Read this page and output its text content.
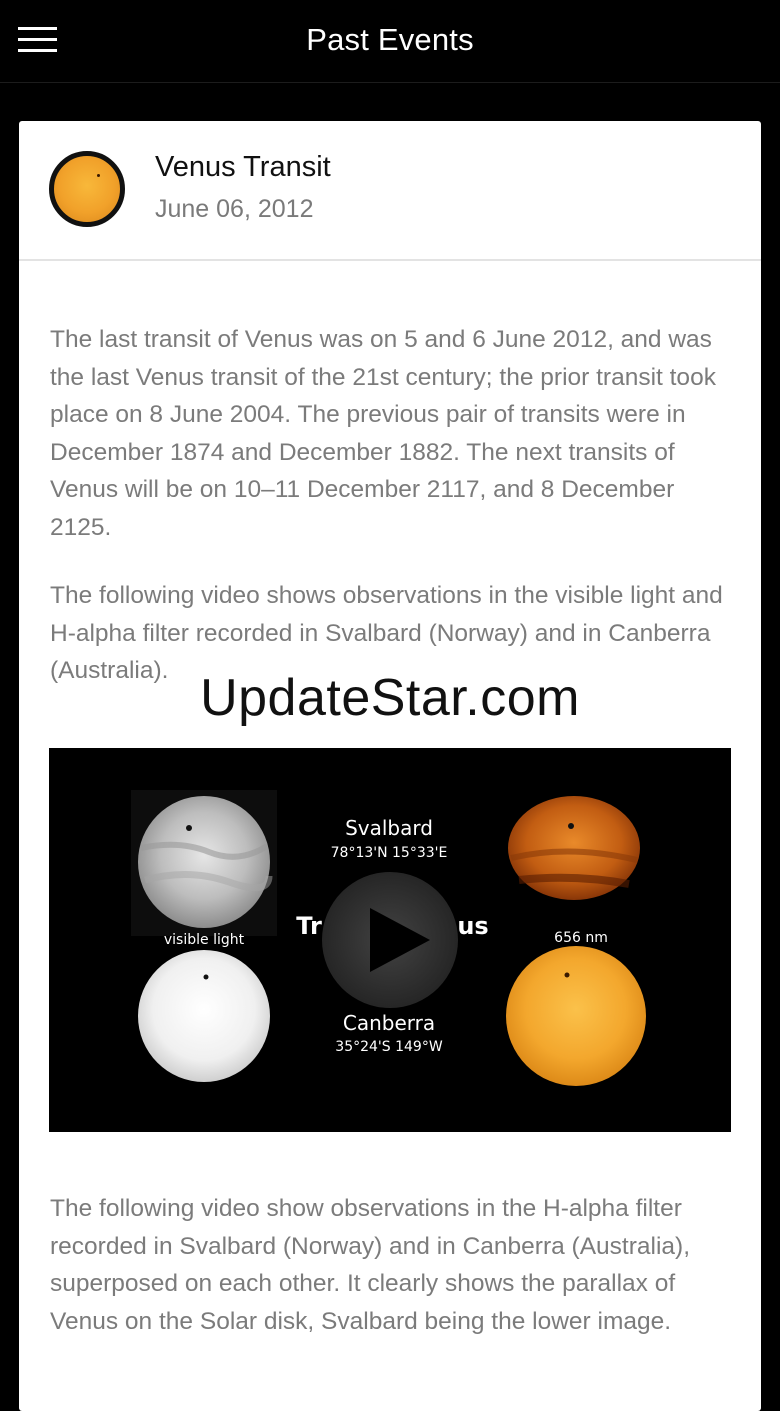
Past Events
Venus Transit
June 06, 2012

The last transit of Venus was on 5 and 6 June 2012, and was the last Venus transit of the 21st century; the prior transit took place on 8 June 2004. The previous pair of transits were in December 1874 and December 1882. The next transits of Venus will be on 10–11 December 2117, and 8 December 2125.

The following video shows observations in the visible light and H-alpha filter recorded in Svalbard (Norway) and in Canberra (Australia).

The following video show observations in the H-alpha filter recorded in Svalbard (Norway) and in Canberra (Australia), superposed on each other. It clearly shows the parallax of Venus on the Solar disk, Svalbard being the lower image.

UpdateStar.com
Svalbard
78°13'N 15°33'E
visible light	656 nm
Tr	us
Canberra
35°24'S 149°W
